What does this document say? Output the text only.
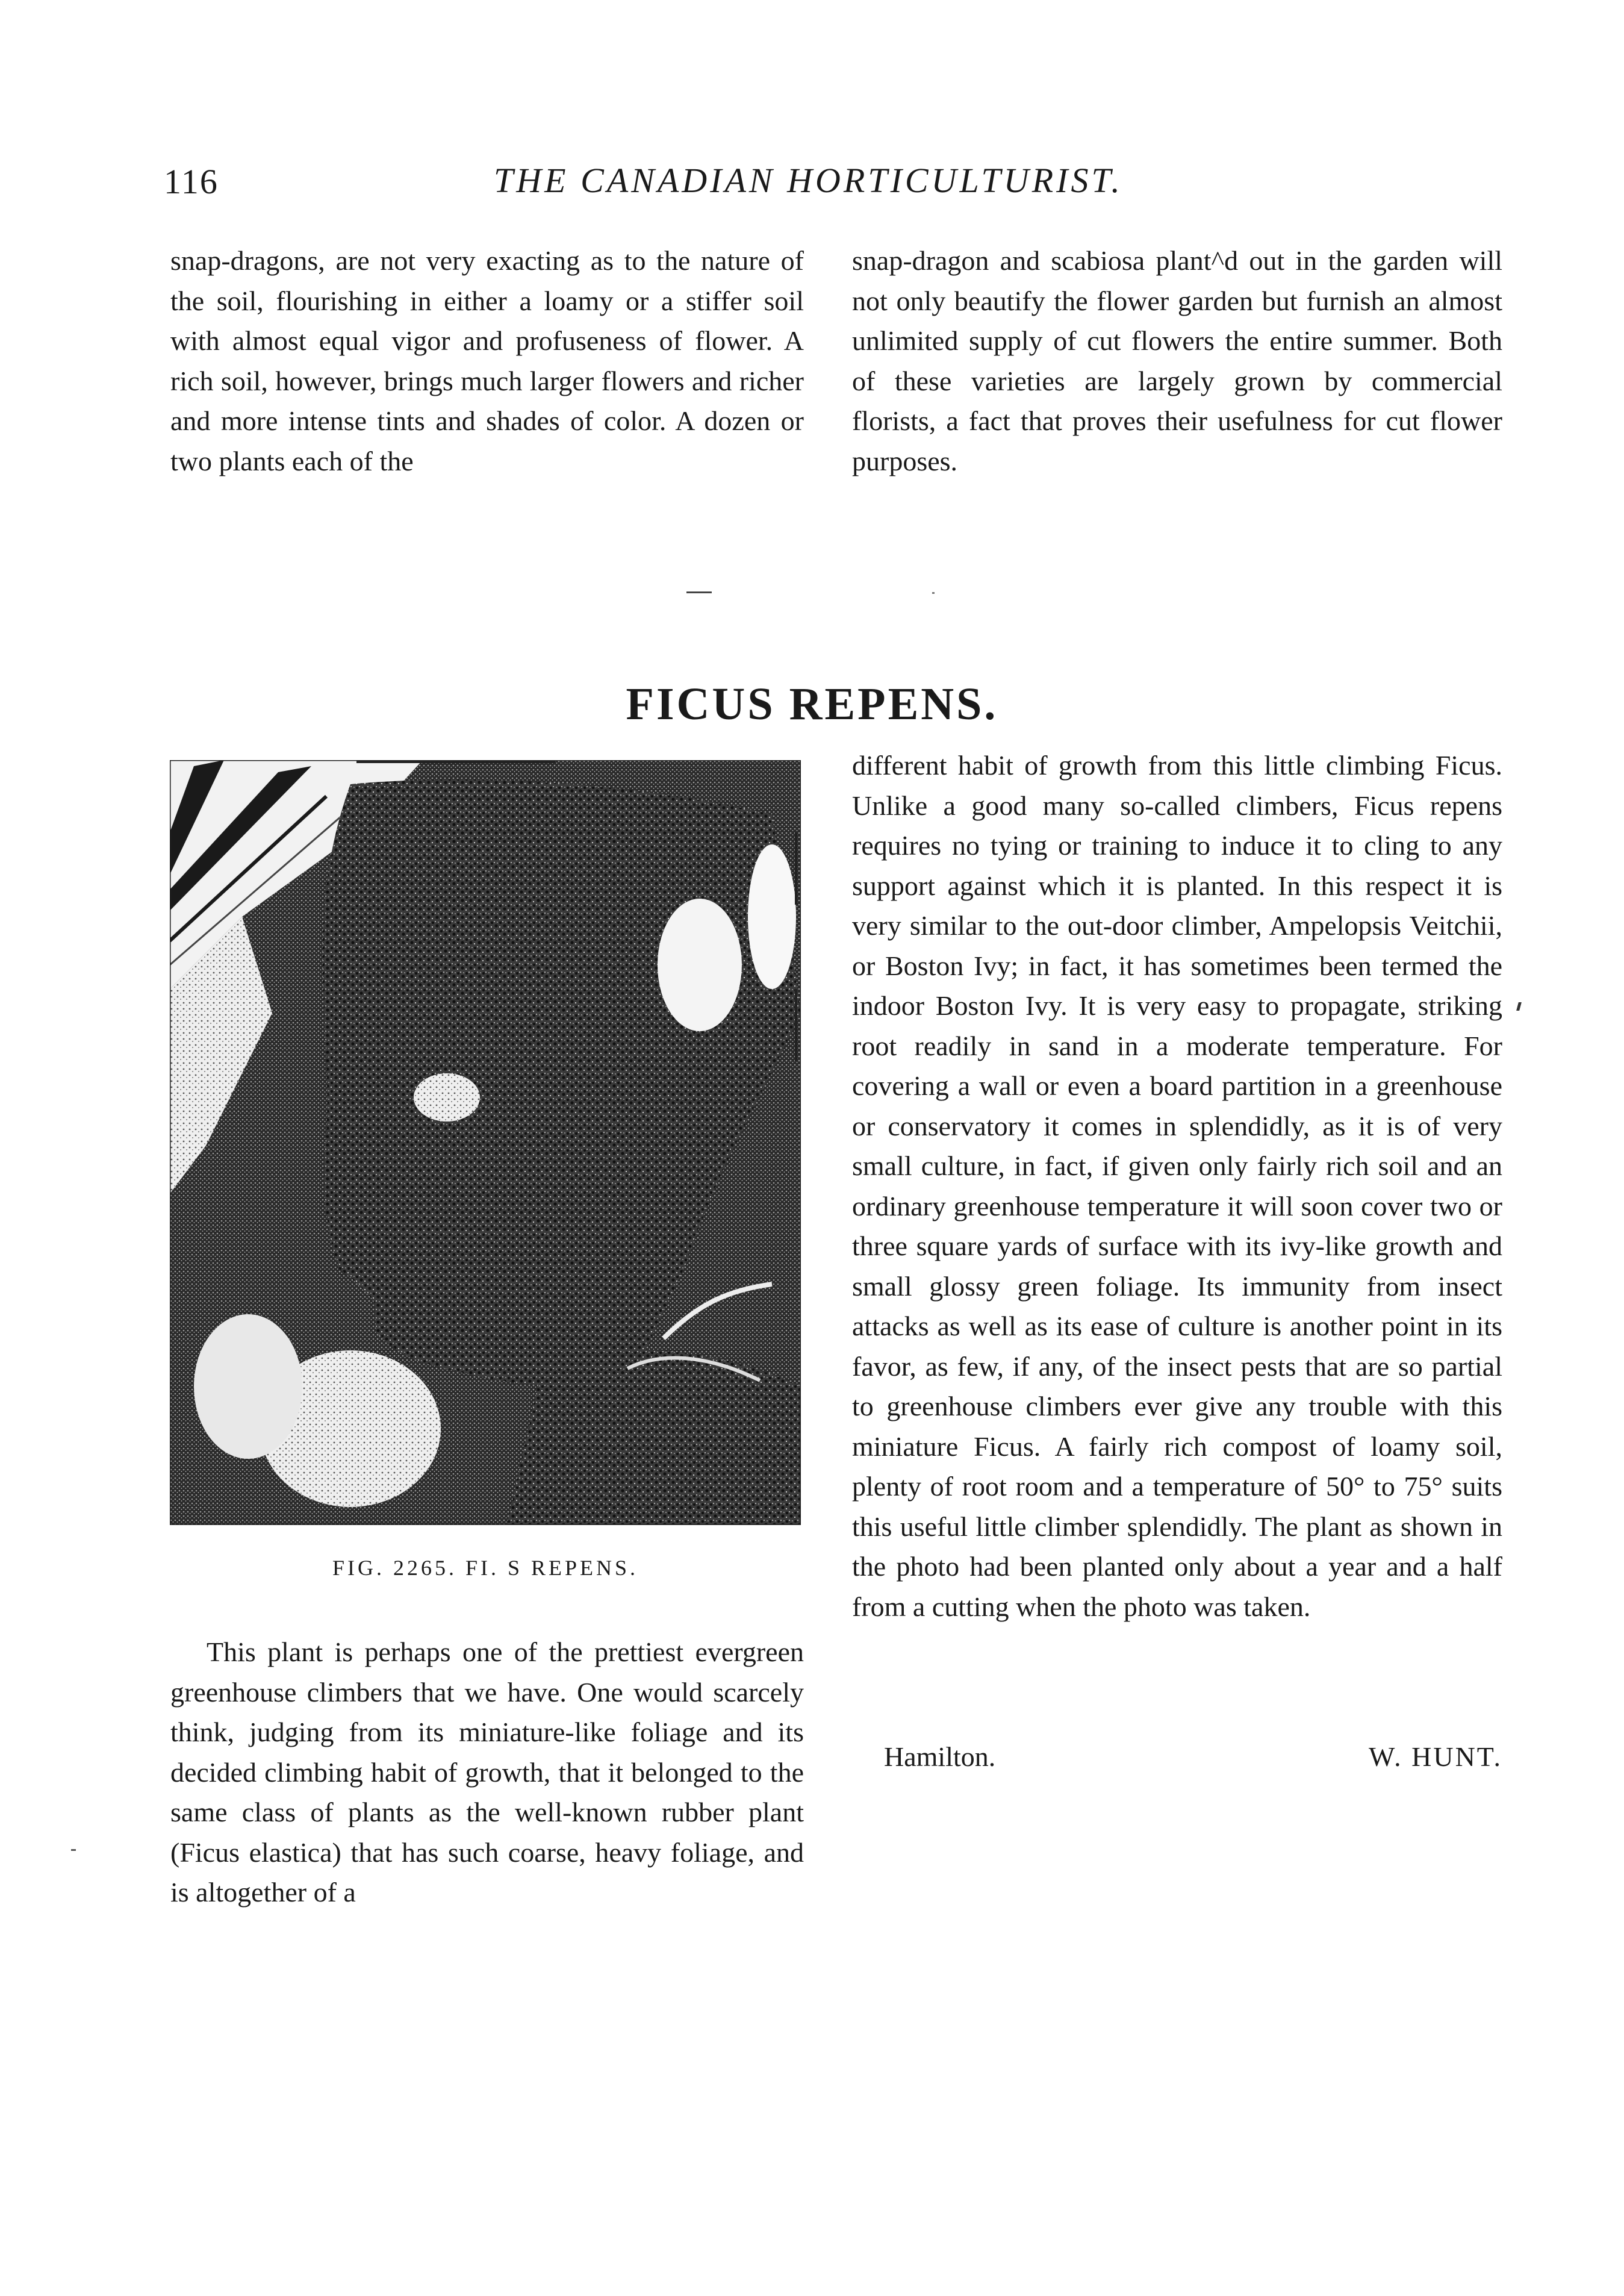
116	THE CANADIAN HORTICULTURIST.

snap-dragons, are not very exacting as to the nature of the soil, flourishing in either a loamy or a stiffer soil with almost equal vigor and profuseness of flower. A rich soil, however, brings much larger flowers and richer and more intense tints and shades of color. A dozen or two plants each of the

snap-dragon and scabiosa plant^d out in the garden will not only beautify the flower garden but furnish an almost unlimited supply of cut flowers the entire summer. Both of these varieties are largely grown by commercial florists, a fact that proves their usefulness for cut flower purposes.

FICUS REPENS.
FIG. 2265. FI. S REPENS.

This plant is perhaps one of the prettiest evergreen greenhouse climbers that we have. One would scarcely think, judging from its miniature-like foliage and its decided climbing habit of growth, that it belonged to the same class of plants as the well-known rubber plant (Ficus elastica) that has such coarse, heavy foliage, and is altogether of a

different habit of growth from this little climbing Ficus. Unlike a good many so-called climbers, Ficus repens requires no tying or training to induce it to cling to any support against which it is planted. In this respect it is very similar to the out-door climber, Ampelopsis Veitchii, or Boston Ivy; in fact, it has sometimes been termed the indoor Boston Ivy. It is very easy to propagate, striking root readily in sand in a moderate temperature. For covering a wall or even a board partition in a greenhouse or conservatory it comes in splendidly, as it is of very small culture, in fact, if given only fairly rich soil and an ordinary greenhouse temperature it will soon cover two or three square yards of surface with its ivy-like growth and small glossy green foliage. Its immunity from insect attacks as well as its ease of culture is another point in its favor, as few, if any, of the insect pests that are so partial to greenhouse climbers ever give any trouble with this miniature Ficus. A fairly rich compost of loamy soil, plenty of root room and a temperature of 50° to 75° suits this useful little climber splendidly. The plant as shown in the photo had been planted only about a year and a half from a cutting when the photo was taken.

Hamilton.	W. HUNT.
